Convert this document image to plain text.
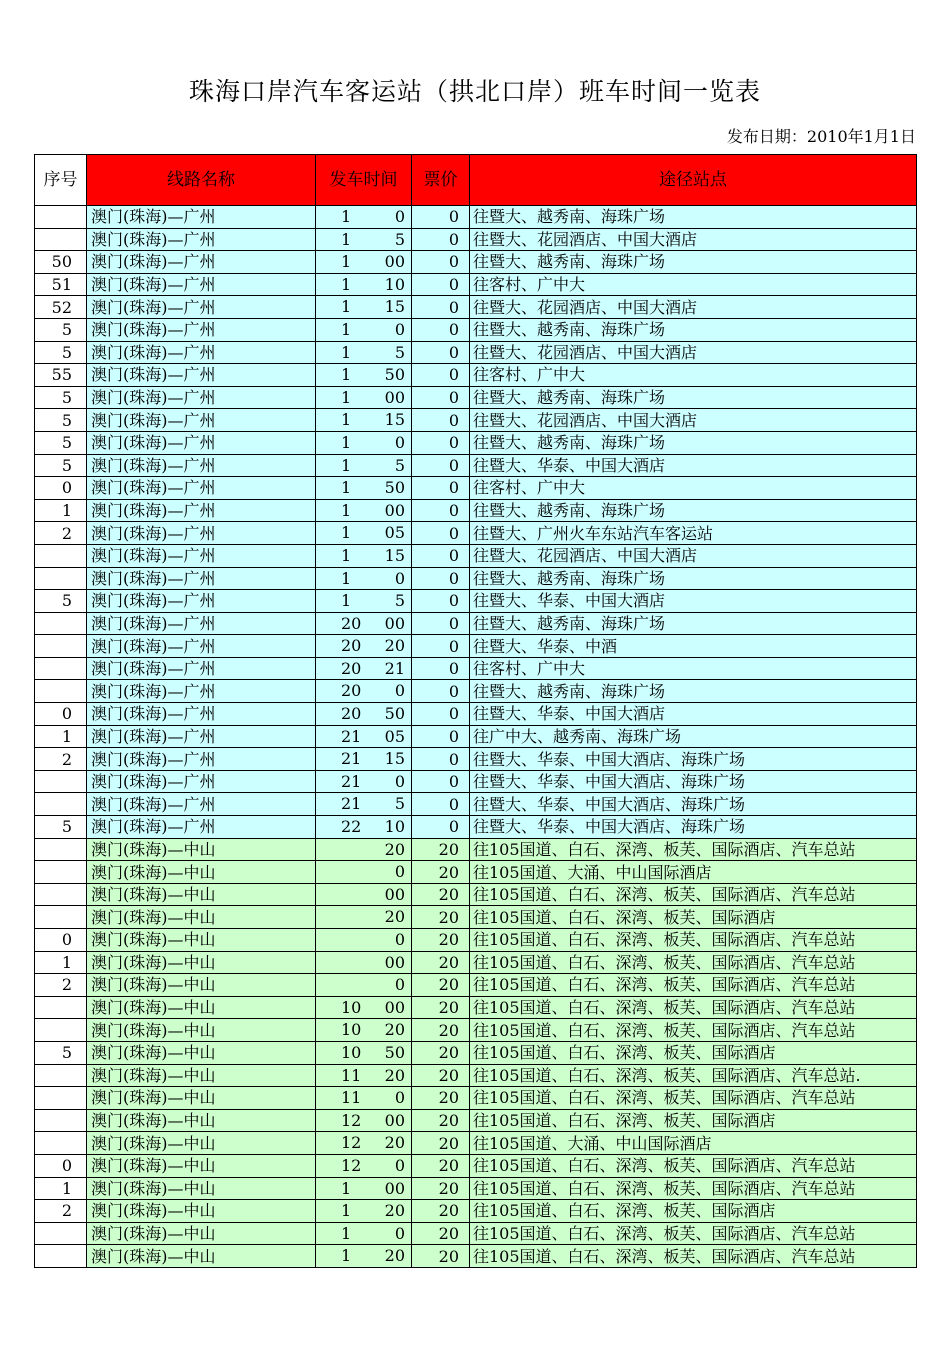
珠海口岸汽车客运站（拱北口岸）班车时间一览表
发布日期：2010年1月1日
序号	线路名称	发车时间	票价	途径站点
	澳门(珠海)—广州	1 0	0	往暨大、越秀南、海珠广场
	澳门(珠海)—广州	1 5	0	往暨大、花园酒店、中国大酒店
50	澳门(珠海)—广州	1 00	0	往暨大、越秀南、海珠广场
51	澳门(珠海)—广州	1 10	0	往客村、广中大
52	澳门(珠海)—广州	1 15	0	往暨大、花园酒店、中国大酒店
5	澳门(珠海)—广州	1 0	0	往暨大、越秀南、海珠广场
5	澳门(珠海)—广州	1 5	0	往暨大、花园酒店、中国大酒店
55	澳门(珠海)—广州	1 50	0	往客村、广中大
5	澳门(珠海)—广州	1 00	0	往暨大、越秀南、海珠广场
5	澳门(珠海)—广州	1 15	0	往暨大、花园酒店、中国大酒店
5	澳门(珠海)—广州	1 0	0	往暨大、越秀南、海珠广场
5	澳门(珠海)—广州	1 5	0	往暨大、华泰、中国大酒店
0	澳门(珠海)—广州	1 50	0	往客村、广中大
1	澳门(珠海)—广州	1 00	0	往暨大、越秀南、海珠广场
2	澳门(珠海)—广州	1 05	0	往暨大、广州火车东站汽车客运站
	澳门(珠海)—广州	1 15	0	往暨大、花园酒店、中国大酒店
	澳门(珠海)—广州	1 0	0	往暨大、越秀南、海珠广场
5	澳门(珠海)—广州	1 5	0	往暨大、华泰、中国大酒店
	澳门(珠海)—广州	20 00	0	往暨大、越秀南、海珠广场
	澳门(珠海)—广州	20 20	0	往暨大、华泰、中酒
	澳门(珠海)—广州	20 21	0	往客村、广中大
	澳门(珠海)—广州	20 0	0	往暨大、越秀南、海珠广场
0	澳门(珠海)—广州	20 50	0	往暨大、华泰、中国大酒店
1	澳门(珠海)—广州	21 05	0	往广中大、越秀南、海珠广场
2	澳门(珠海)—广州	21 15	0	往暨大、华泰、中国大酒店、海珠广场
	澳门(珠海)—广州	21 0	0	往暨大、华泰、中国大酒店、海珠广场
	澳门(珠海)—广州	21 5	0	往暨大、华泰、中国大酒店、海珠广场
5	澳门(珠海)—广州	22 10	0	往暨大、华泰、中国大酒店、海珠广场
	澳门(珠海)—中山	20	20	往105国道、白石、深湾、板芙、国际酒店、汽车总站
	澳门(珠海)—中山	0	20	往105国道、大涌、中山国际酒店
	澳门(珠海)—中山	00	20	往105国道、白石、深湾、板芙、国际酒店、汽车总站
	澳门(珠海)—中山	20	20	往105国道、白石、深湾、板芙、国际酒店
0	澳门(珠海)—中山	0	20	往105国道、白石、深湾、板芙、国际酒店、汽车总站
1	澳门(珠海)—中山	00	20	往105国道、白石、深湾、板芙、国际酒店、汽车总站
2	澳门(珠海)—中山	0	20	往105国道、白石、深湾、板芙、国际酒店、汽车总站
	澳门(珠海)—中山	10 00	20	往105国道、白石、深湾、板芙、国际酒店、汽车总站
	澳门(珠海)—中山	10 20	20	往105国道、白石、深湾、板芙、国际酒店、汽车总站
5	澳门(珠海)—中山	10 50	20	往105国道、白石、深湾、板芙、国际酒店
	澳门(珠海)—中山	11 20	20	往105国道、白石、深湾、板芙、国际酒店、汽车总站.
	澳门(珠海)—中山	11 0	20	往105国道、白石、深湾、板芙、国际酒店、汽车总站
	澳门(珠海)—中山	12 00	20	往105国道、白石、深湾、板芙、国际酒店
	澳门(珠海)—中山	12 20	20	往105国道、大涌、中山国际酒店
0	澳门(珠海)—中山	12 0	20	往105国道、白石、深湾、板芙、国际酒店、汽车总站
1	澳门(珠海)—中山	1 00	20	往105国道、白石、深湾、板芙、国际酒店、汽车总站
2	澳门(珠海)—中山	1 20	20	往105国道、白石、深湾、板芙、国际酒店
	澳门(珠海)—中山	1 0	20	往105国道、白石、深湾、板芙、国际酒店、汽车总站
	澳门(珠海)—中山	1 20	20	往105国道、白石、深湾、板芙、国际酒店、汽车总站
